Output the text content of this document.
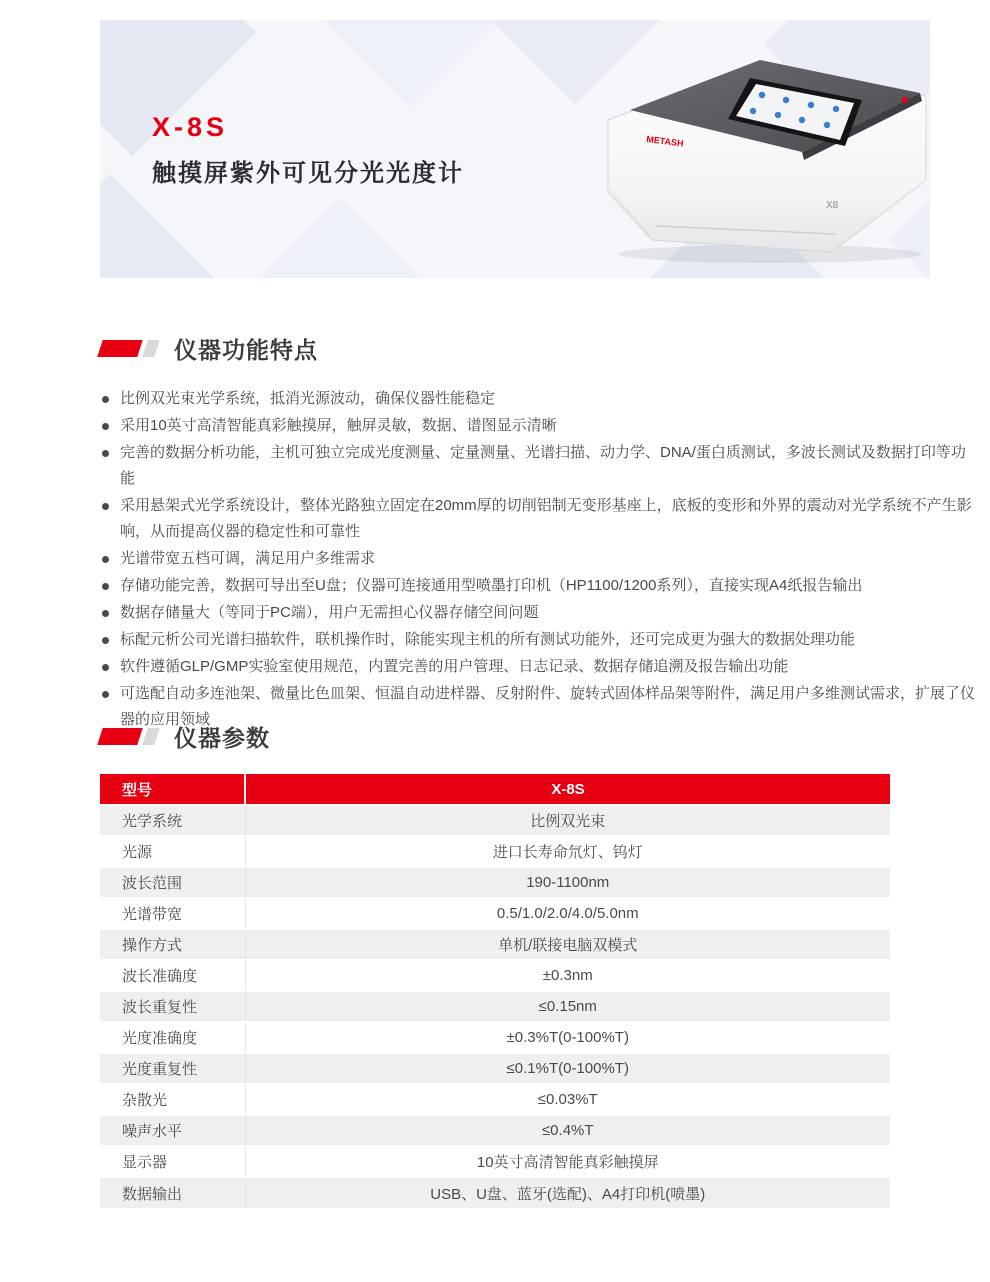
X-8S
触摸屏紫外可见分光光度计
METASH
X8
仪器功能特点
比例双光束光学系统，抵消光源波动，确保仪器性能稳定
采用10英寸高清智能真彩触摸屏，触屏灵敏，数据、谱图显示清晰
完善的数据分析功能，主机可独立完成光度测量、定量测量、光谱扫描、动力学、DNA/蛋白质测试，多波长测试及数据打印等功能
采用悬架式光学系统设计，整体光路独立固定在20mm厚的切削铝制无变形基座上，底板的变形和外界的震动对光学系统不产生影响，从而提高仪器的稳定性和可靠性
光谱带宽五档可调，满足用户多维需求
存储功能完善，数据可导出至U盘；仪器可连接通用型喷墨打印机（HP1100/1200系列），直接实现A4纸报告输出
数据存储量大（等同于PC端），用户无需担心仪器存储空间问题
标配元析公司光谱扫描软件，联机操作时，除能实现主机的所有测试功能外，还可完成更为强大的数据处理功能
软件遵循GLP/GMP实验室使用规范，内置完善的用户管理、日志记录、数据存储追溯及报告输出功能
可选配自动多连池架、微量比色皿架、恒温自动进样器、反射附件、旋转式固体样品架等附件，满足用户多维测试需求，扩展了仪器的应用领域
仪器参数
型号	X-8S
光学系统	比例双光束
光源	进口长寿命氘灯、钨灯
波长范围	190-1100nm
光谱带宽	0.5/1.0/2.0/4.0/5.0nm
操作方式	单机/联接电脑双模式
波长准确度	±0.3nm
波长重复性	≤0.15nm
光度准确度	±0.3%T(0-100%T)
光度重复性	≤0.1%T(0-100%T)
杂散光	≤0.03%T
噪声水平	≤0.4%T
显示器	10英寸高清智能真彩触摸屏
数据输出	USB、U盘、蓝牙(选配)、A4打印机(喷墨)
